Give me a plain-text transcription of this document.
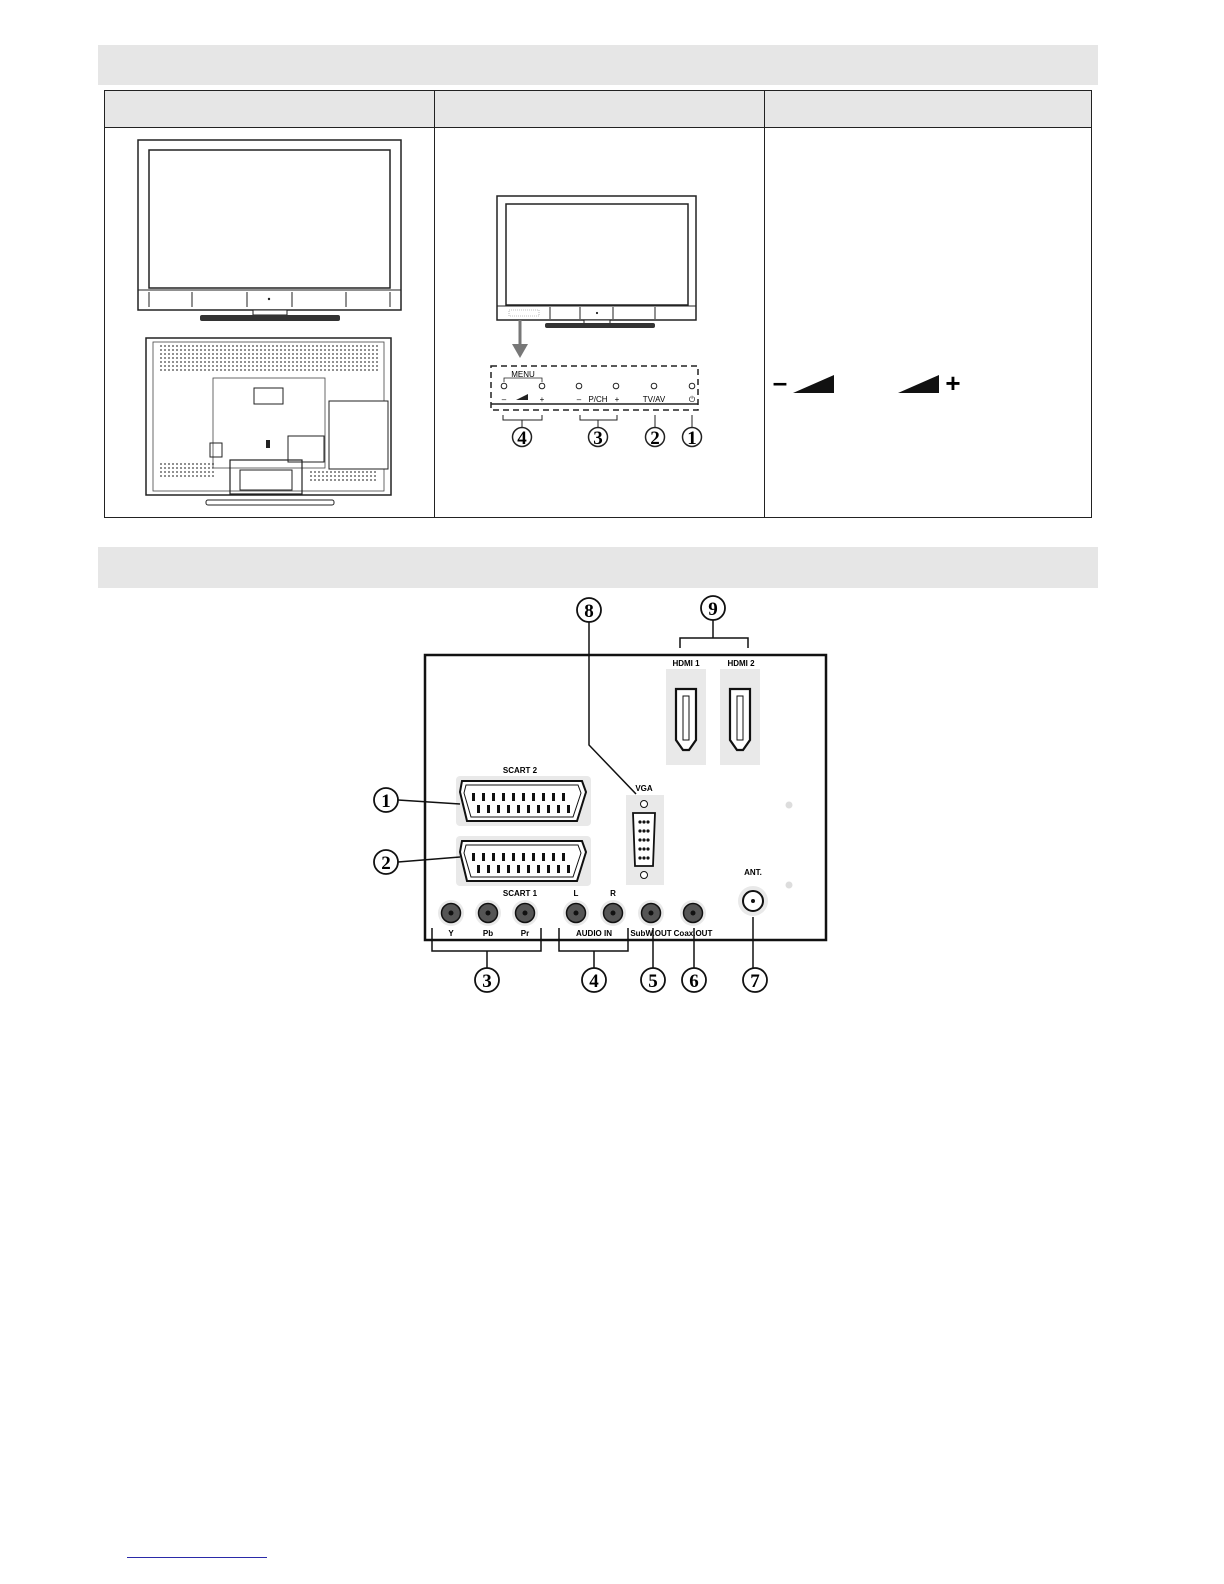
MENU
–	+	– P/CH +	TV/AV	⏻
4	3	2 1
–	+
SCART 2
SCART 1
VGA
HDMI 1	HDMI 2
ANT.
Y	Pb	Pr
L	R
AUDIO IN SubW.OUT Coax.OUT
1
2
3	4	5 6	7
8	9
